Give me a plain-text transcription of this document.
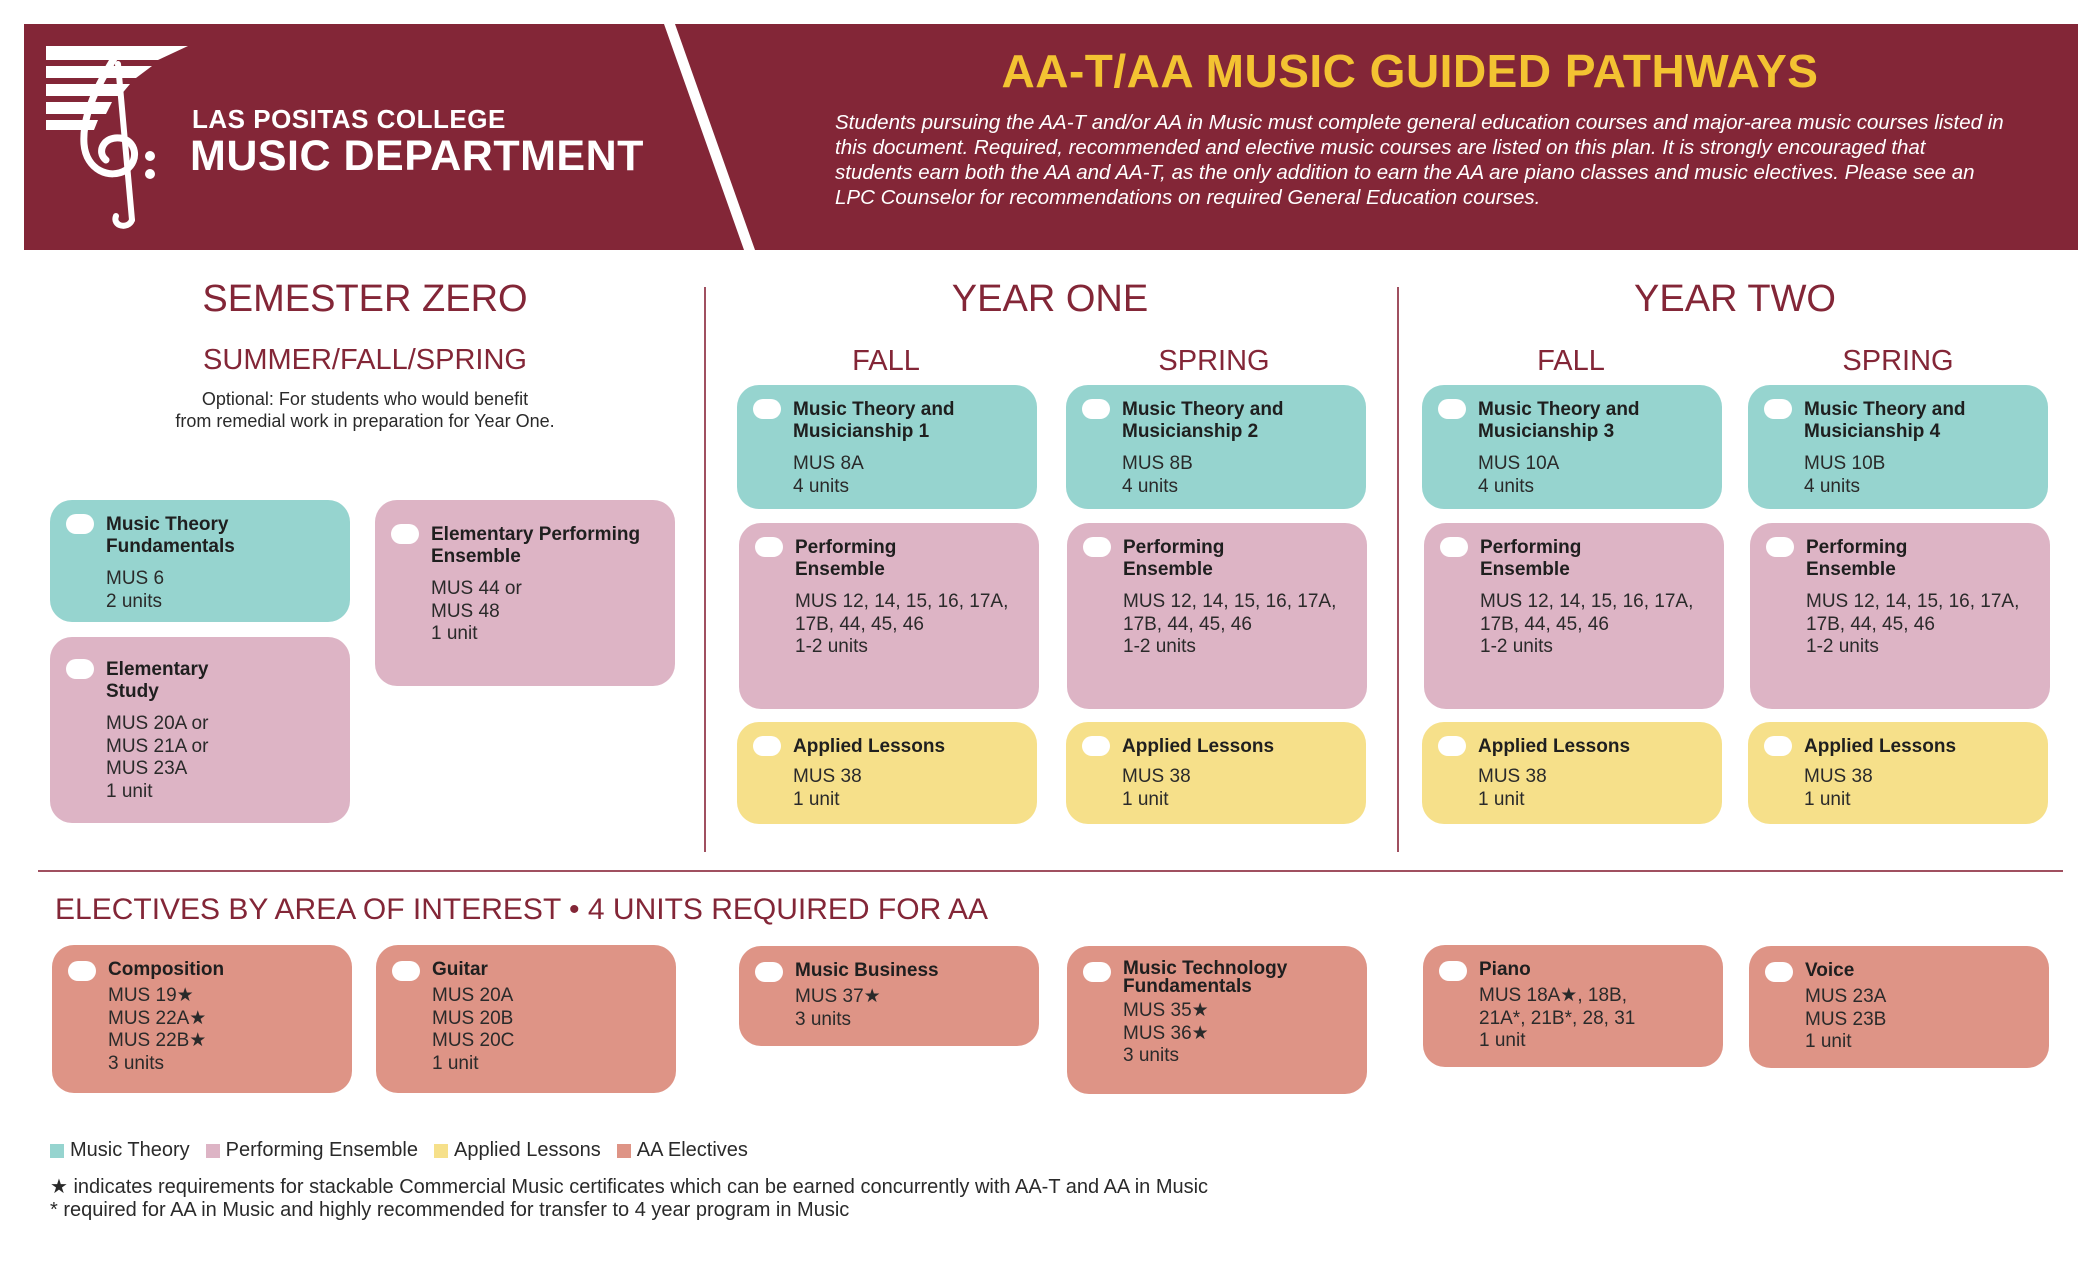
LAS POSITAS COLLEGE
MUSIC DEPARTMENT
AA-T/AA MUSIC GUIDED PATHWAYS
Students pursuing the AA-T and/or AA in Music must complete general education courses and major-area music courses listed in this document. Required, recommended and elective music courses are listed on this plan. It is strongly encouraged that students earn both the AA and AA-T, as the only addition to earn the AA are piano classes and music electives. Please see an LPC Counselor for recommendations on required General Education courses.
SEMESTER ZERO
SUMMER/FALL/SPRING
Optional: For students who would benefit
from remedial work in preparation for Year One.
YEAR ONE
FALL	SPRING
YEAR TWO
FALL	SPRING
Music Theory
Fundamentals
MUS 6
2 units
Elementary Performing
Ensemble
MUS 44 or
MUS 48
1 unit
Elementary
Study
MUS 20A or
MUS 21A or
MUS 23A
1 unit
Music Theory and
Musicianship 1
MUS 8A
4 units
Performing
Ensemble
MUS 12, 14, 15, 16, 17A,
17B, 44, 45, 46
1-2 units
Applied Lessons
MUS 38
1 unit
Music Theory and
Musicianship 2
MUS 8B
4 units
Performing
Ensemble
MUS 12, 14, 15, 16, 17A,
17B, 44, 45, 46
1-2 units
Applied Lessons
MUS 38
1 unit
Music Theory and
Musicianship 3
MUS 10A
4 units
Performing
Ensemble
MUS 12, 14, 15, 16, 17A,
17B, 44, 45, 46
1-2 units
Applied Lessons
MUS 38
1 unit
Music Theory and
Musicianship 4
MUS 10B
4 units
Performing
Ensemble
MUS 12, 14, 15, 16, 17A,
17B, 44, 45, 46
1-2 units
Applied Lessons
MUS 38
1 unit
ELECTIVES BY AREA OF INTEREST • 4 UNITS REQUIRED FOR AA
Composition
MUS 19★
MUS 22A★
MUS 22B★
3 units
Guitar
MUS 20A
MUS 20B
MUS 20C
1 unit
Music Business
MUS 37★
3 units
Music Technology
Fundamentals
MUS 35★
MUS 36★
3 units
Piano
MUS 18A★, 18B,
21A*, 21B*, 28, 31
1 unit
Voice
MUS 23A
MUS 23B
1 unit
Music Theory Performing Ensemble Applied Lessons AA Electives
★ indicates requirements for stackable Commercial Music certificates which can be earned concurrently with AA-T and AA in Music
* required for AA in Music and highly recommended for transfer to 4 year program in Music
